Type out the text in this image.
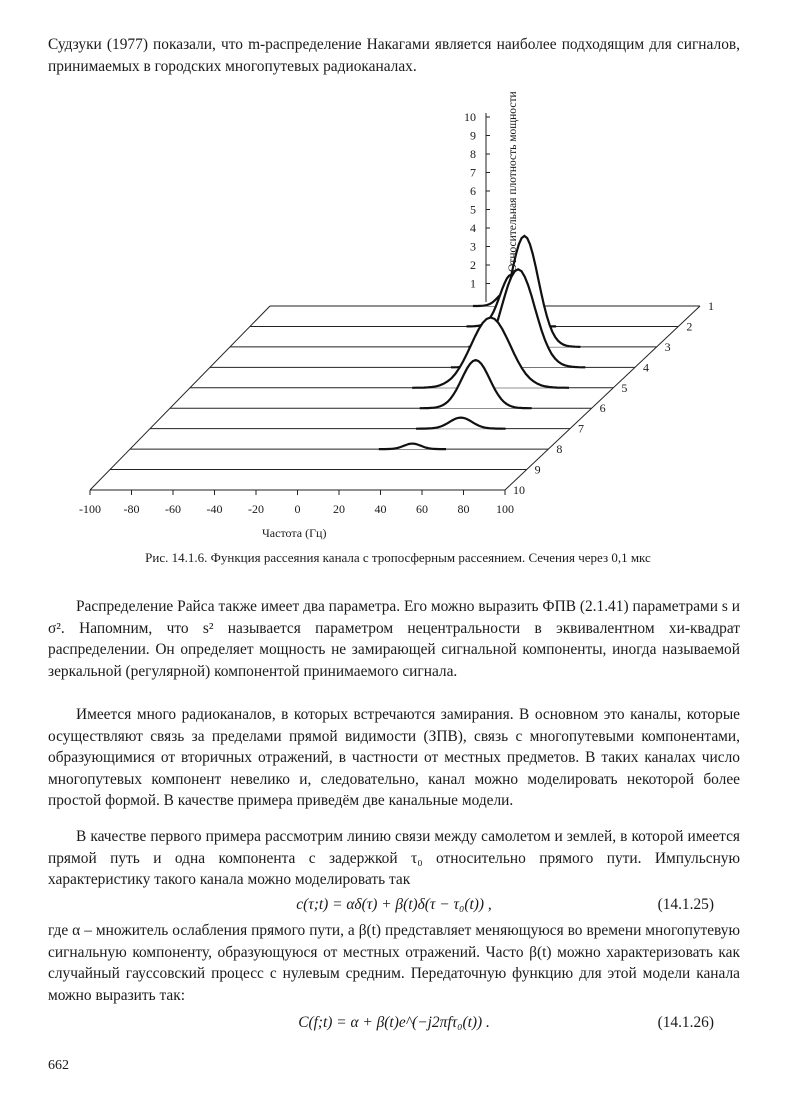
Судзуки (1977) показали, что m-распределение Накагами является наиболее подходящим для сигналов, принимаемых в городских многопутевых радиоканалах.

1
2
3
4
5
6
7
8
9
10
-100 -80 -60 -40 -20	0	20 40 60 80 100
1
2
3
4
5
6
7
8
9
10	Относительная плотность мощности
Частота (Гц)

Рис. 14.1.6. Функция рассеяния канала с тропосферным рассеянием. Сечения через 0,1 мкс

Распределение Райса также имеет два параметра. Его можно выразить ФПВ (2.1.41) параметрами s и σ². Напомним, что s² называется параметром нецентральности в эквивалентном хи-квадрат распределении. Он определяет мощность не замирающей сигнальной компоненты, иногда называемой зеркальной (регулярной) компонентой принимаемого сигнала.

Имеется много радиоканалов, в которых встречаются замирания. В основном это каналы, которые осуществляют связь за пределами прямой видимости (ЗПВ), связь с многопутевыми компонентами, образующимися от вторичных отражений, в частности от местных предметов. В таких каналах число многопутевых компонент невелико и, следовательно, канал можно моделировать некоторой более простой формой. В качестве примера приведём две канальные модели.

В качестве первого примера рассмотрим линию связи между самолетом и землей, в которой имеется прямой путь и одна компонента с задержкой τ₀ относительно прямого пути. Импульсную характеристику такого канала можно моделировать так

c(τ;t) = αδ(τ) + β(t)δ(τ − τ₀(t)) ,	(14.1.25)

где α – множитель ослабления прямого пути, а β(t) представляет меняющуюся во времени многопутевую сигнальную компоненту, образующуюся от местных отражений. Часто β(t) можно характеризовать как случайный гауссовский процесс с нулевым средним. Передаточную функцию для этой модели канала можно выразить так:

C(f;t) = α + β(t)e^(−j2πfτ₀(t)) .	(14.1.26)
662
